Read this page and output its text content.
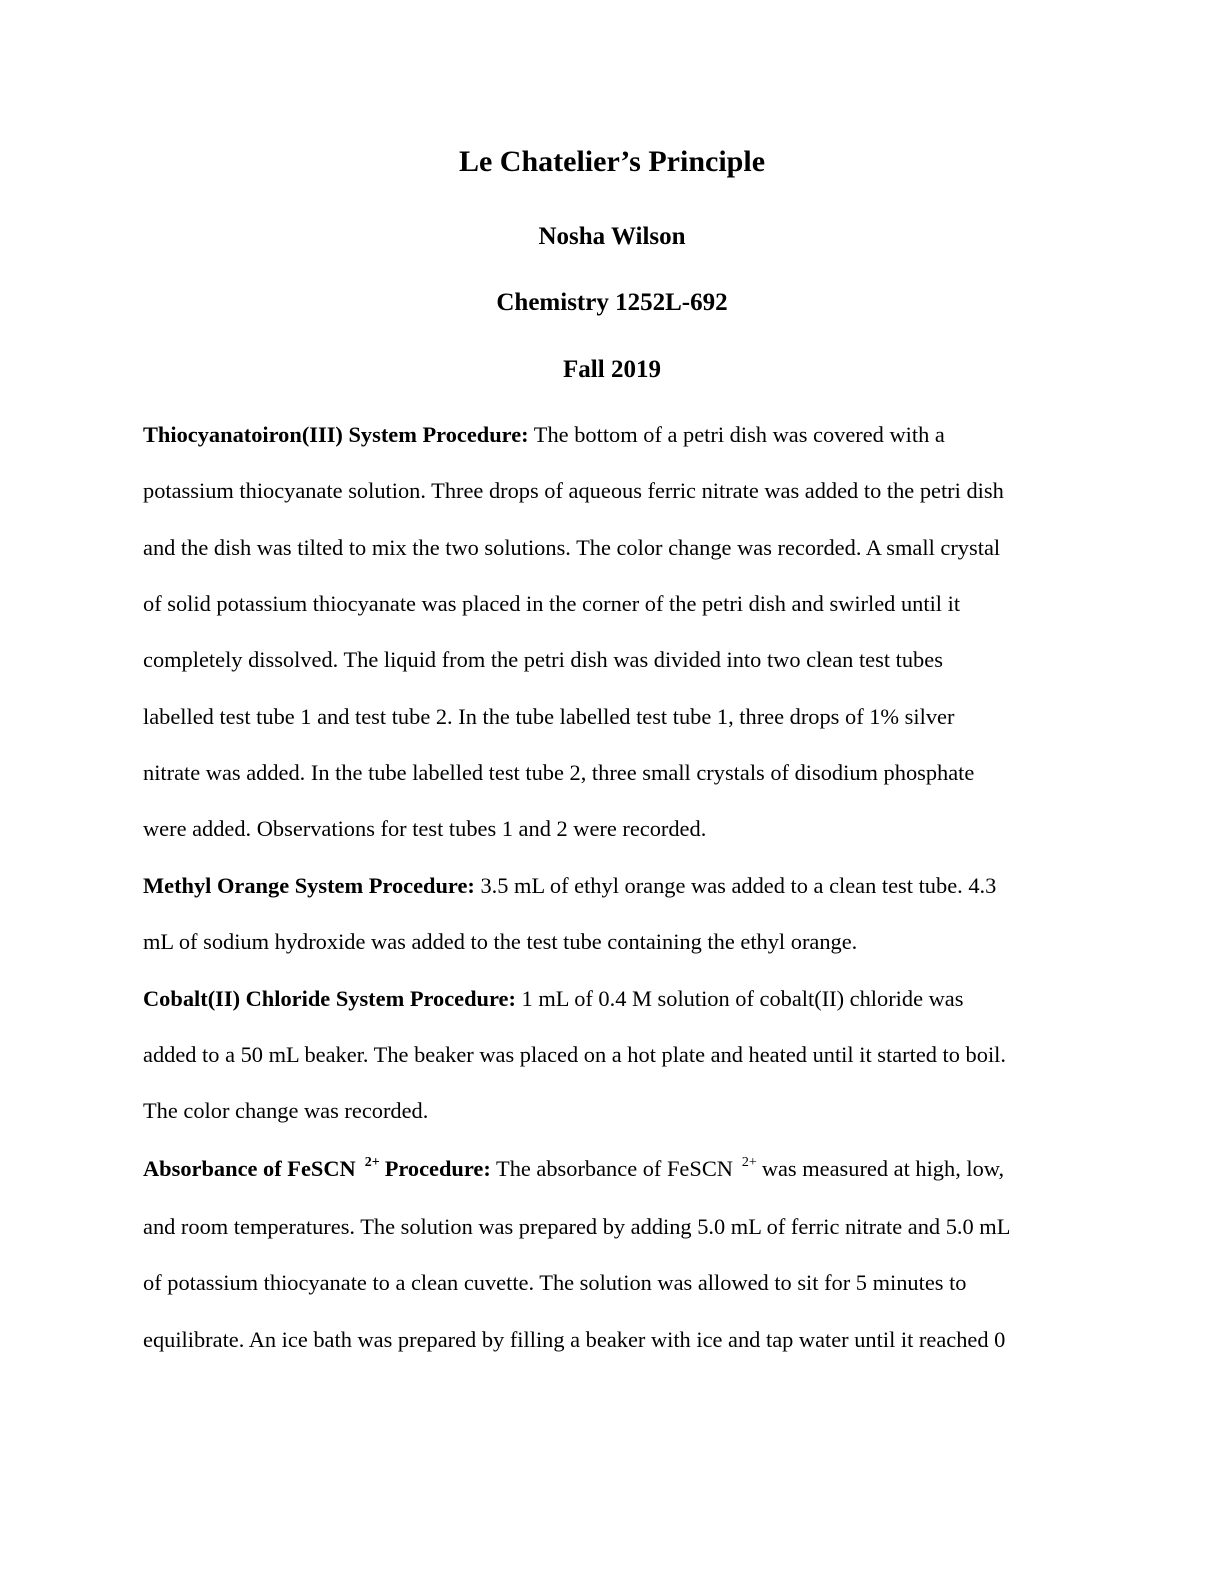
Le Chatelier’s Principle
Nosha Wilson
Chemistry 1252L-692
Fall 2019
Thiocyanatoiron(III) System Procedure: The bottom of a petri dish was covered with a
potassium thiocyanate solution. Three drops of aqueous ferric nitrate was added to the petri dish
and the dish was tilted to mix the two solutions. The color change was recorded. A small crystal
of solid potassium thiocyanate was placed in the corner of the petri dish and swirled until it
completely dissolved. The liquid from the petri dish was divided into two clean test tubes
labelled test tube 1 and test tube 2. In the tube labelled test tube 1, three drops of 1% silver
nitrate was added. In the tube labelled test tube 2, three small crystals of disodium phosphate
were added. Observations for test tubes 1 and 2 were recorded.
Methyl Orange System Procedure: 3.5 mL of ethyl orange was added to a clean test tube. 4.3
mL of sodium hydroxide was added to the test tube containing the ethyl orange.
Cobalt(II) Chloride System Procedure: 1 mL of 0.4 M solution of cobalt(II) chloride was
added to a 50 mL beaker. The beaker was placed on a hot plate and heated until it started to boil.
The color change was recorded.
Absorbance of FeSCN $^{2+}$ Procedure: The absorbance of FeSCN $^{2+}$ was measured at high, low,
and room temperatures. The solution was prepared by adding 5.0 mL of ferric nitrate and 5.0 mL
of potassium thiocyanate to a clean cuvette. The solution was allowed to sit for 5 minutes to
equilibrate. An ice bath was prepared by filling a beaker with ice and tap water until it reached 0
